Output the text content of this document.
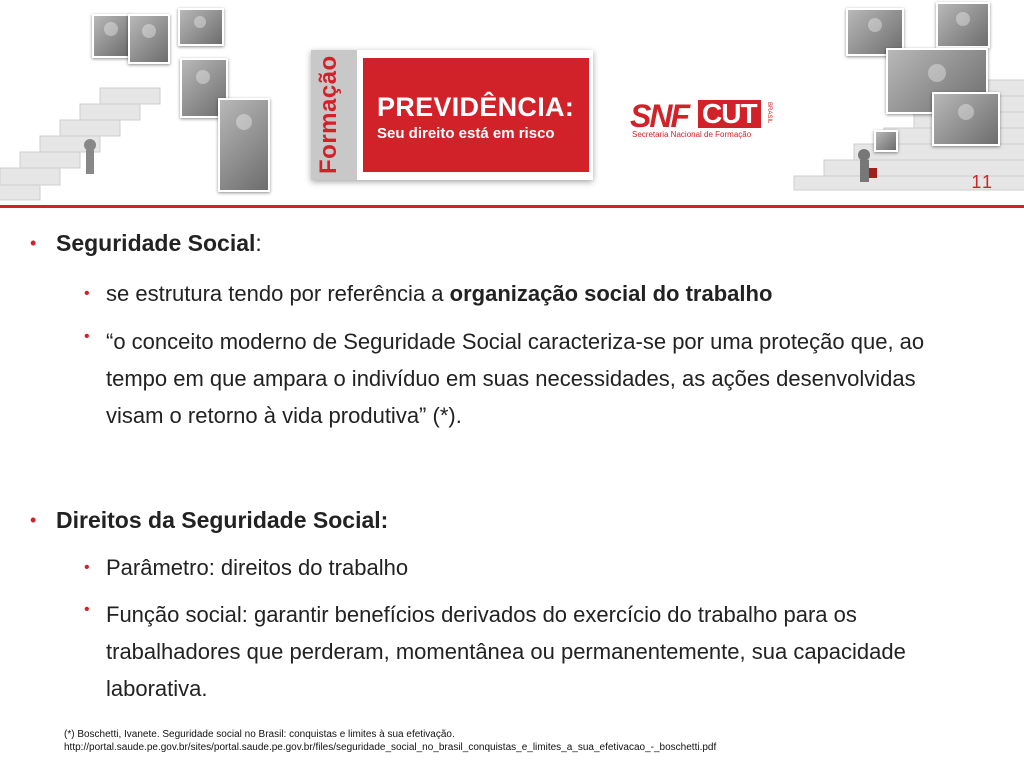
Formação PREVIDÊNCIA:
Seu direito está em risco SNF CUT	BRASIL
Secretaria Nacional de Formação
11
• Seguridade Social:
• se estrutura tendo por referência a organização social do trabalho
• “o conceito moderno de Seguridade Social caracteriza-se por uma proteção que, ao tempo em que ampara o indivíduo em suas necessidades, as ações desenvolvidas visam o retorno à vida produtiva” (*).
• Direitos da Seguridade Social:
• Parâmetro: direitos do trabalho
• Função social: garantir benefícios derivados do exercício do trabalho para os trabalhadores que perderam, momentânea ou permanentemente, sua capacidade laborativa.
(*) Boschetti, Ivanete. Seguridade social no Brasil: conquistas e limites à sua efetivação.
http://portal.saude.pe.gov.br/sites/portal.saude.pe.gov.br/files/seguridade_social_no_brasil_conquistas_e_limites_a_sua_efetivacao_-_boschetti.pdf
